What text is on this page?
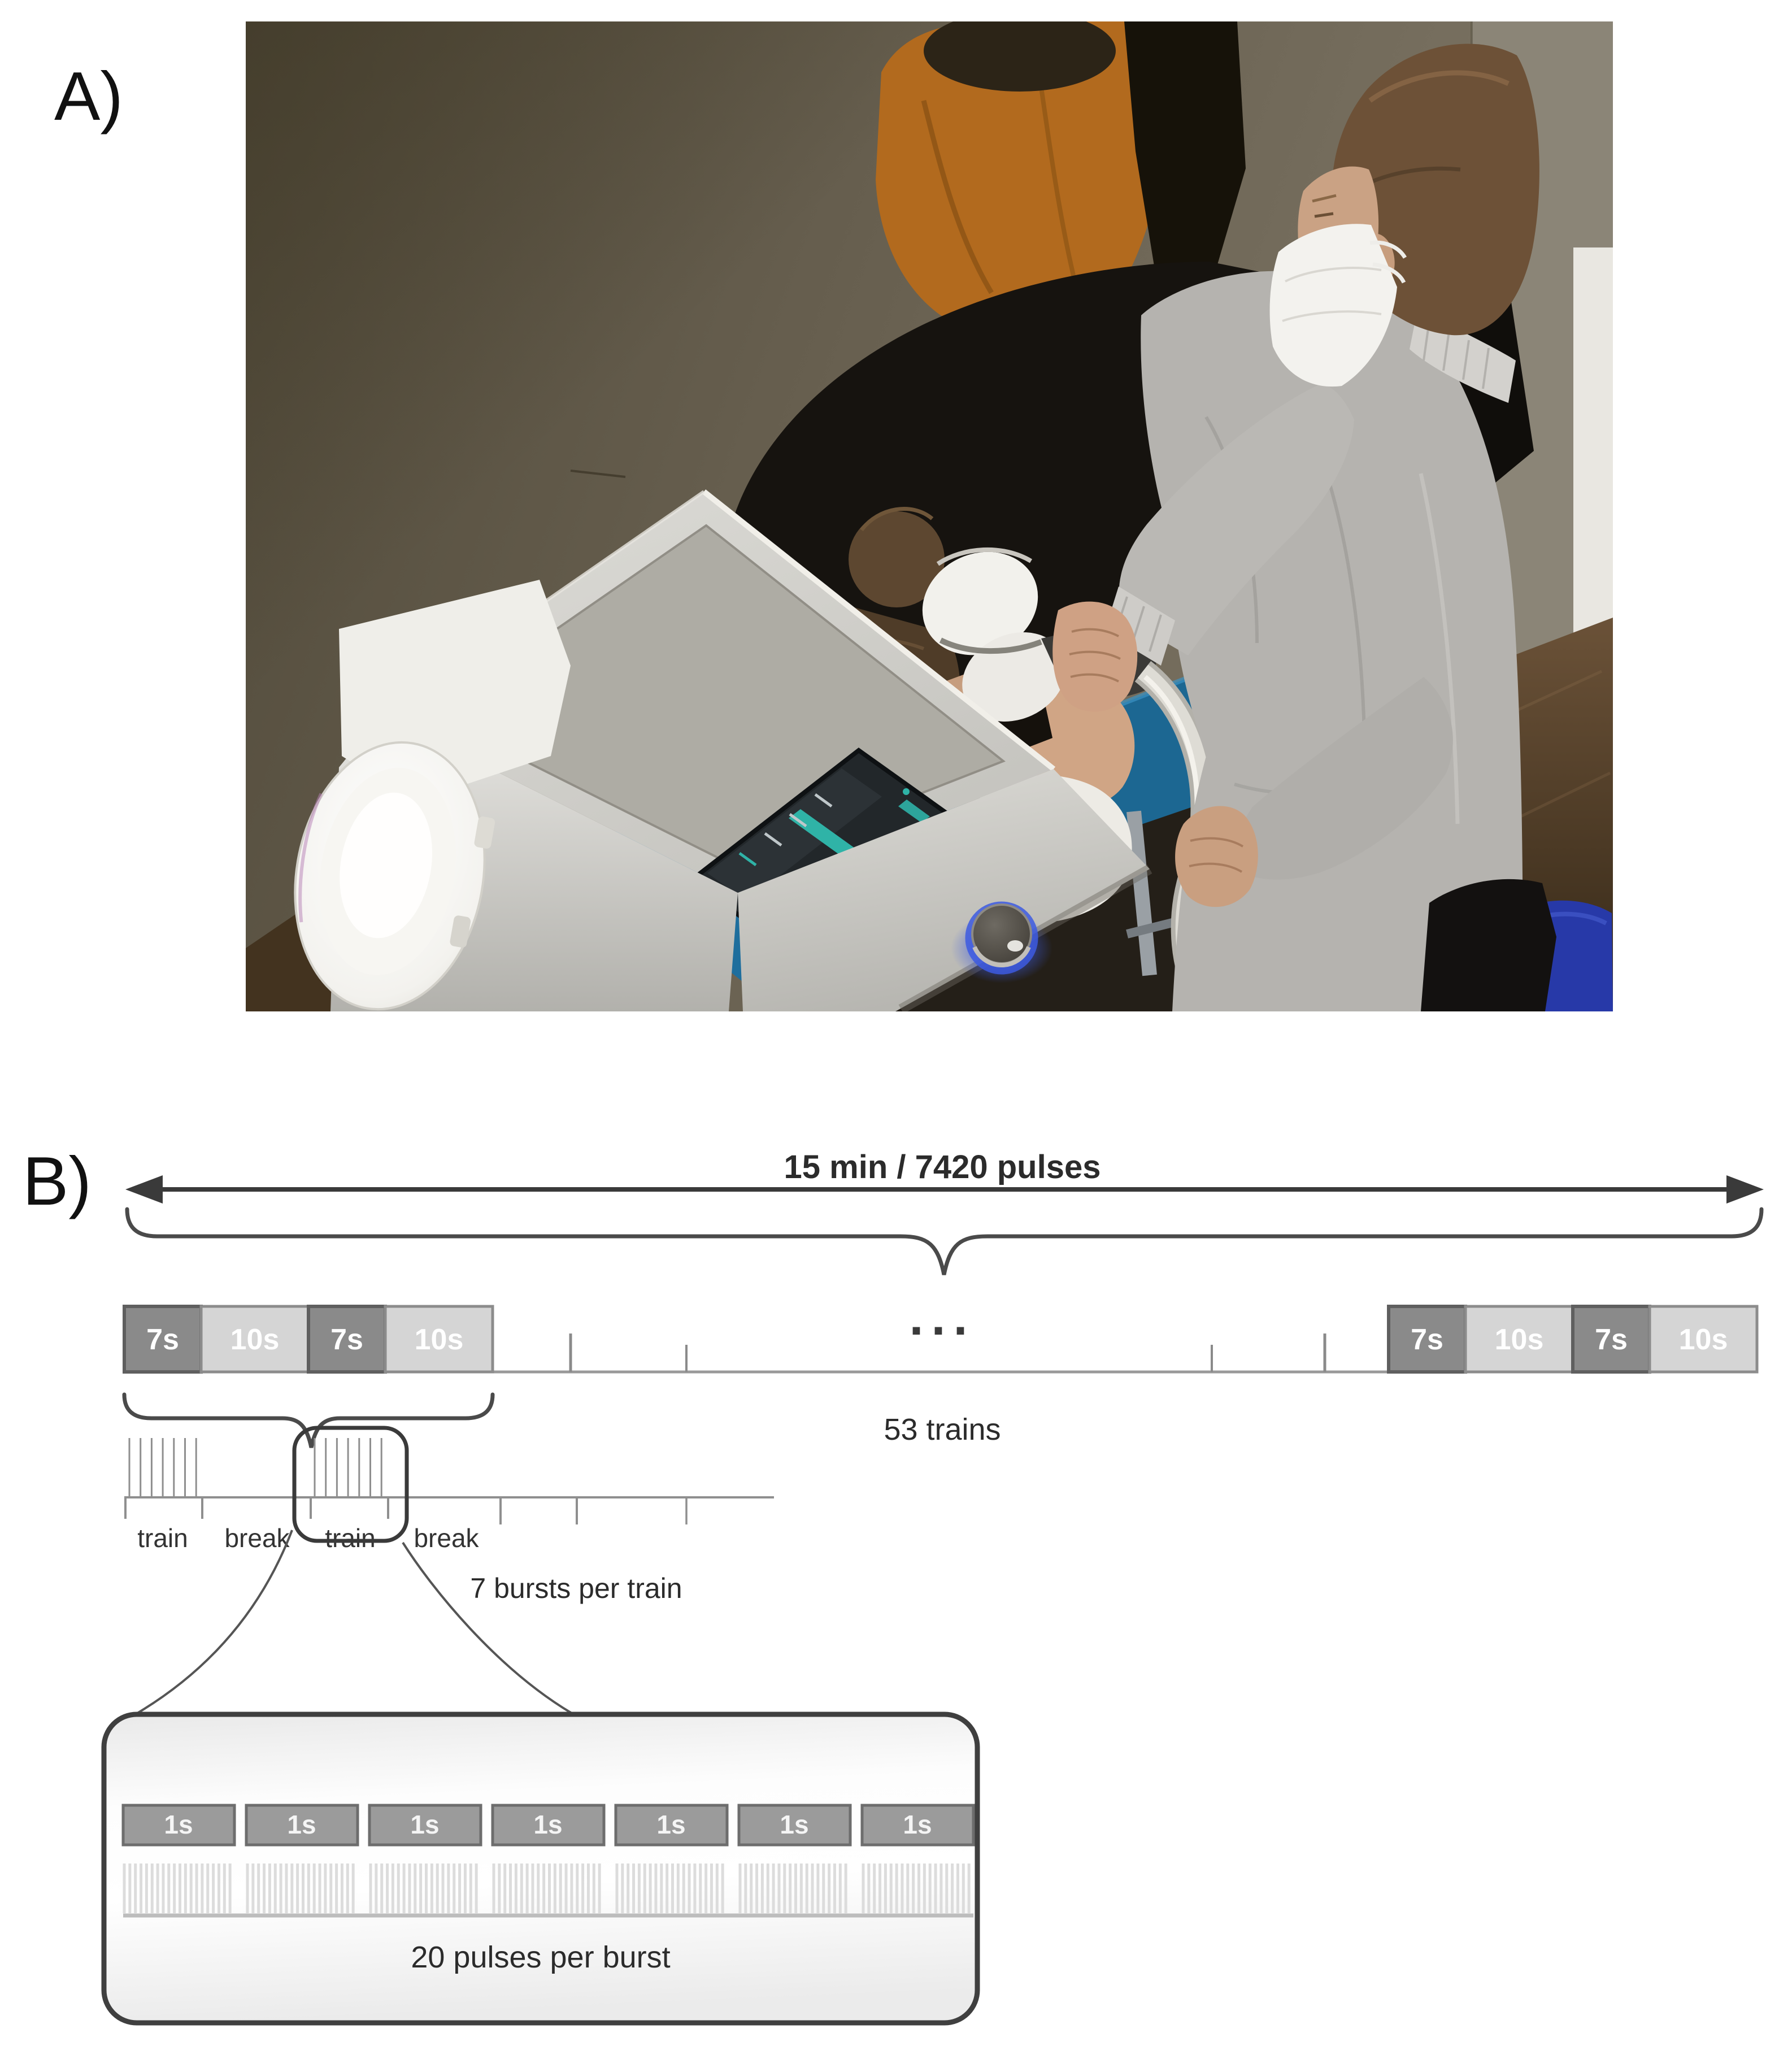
A)
B)	15 min / 7420 pulses
7s 10s 7s 10s	...	7s 10s 7s 10s
53 trains
train break train break
7 bursts per train
1s	1s	1s	1s	1s	1s	1s
20 pulses per burst
